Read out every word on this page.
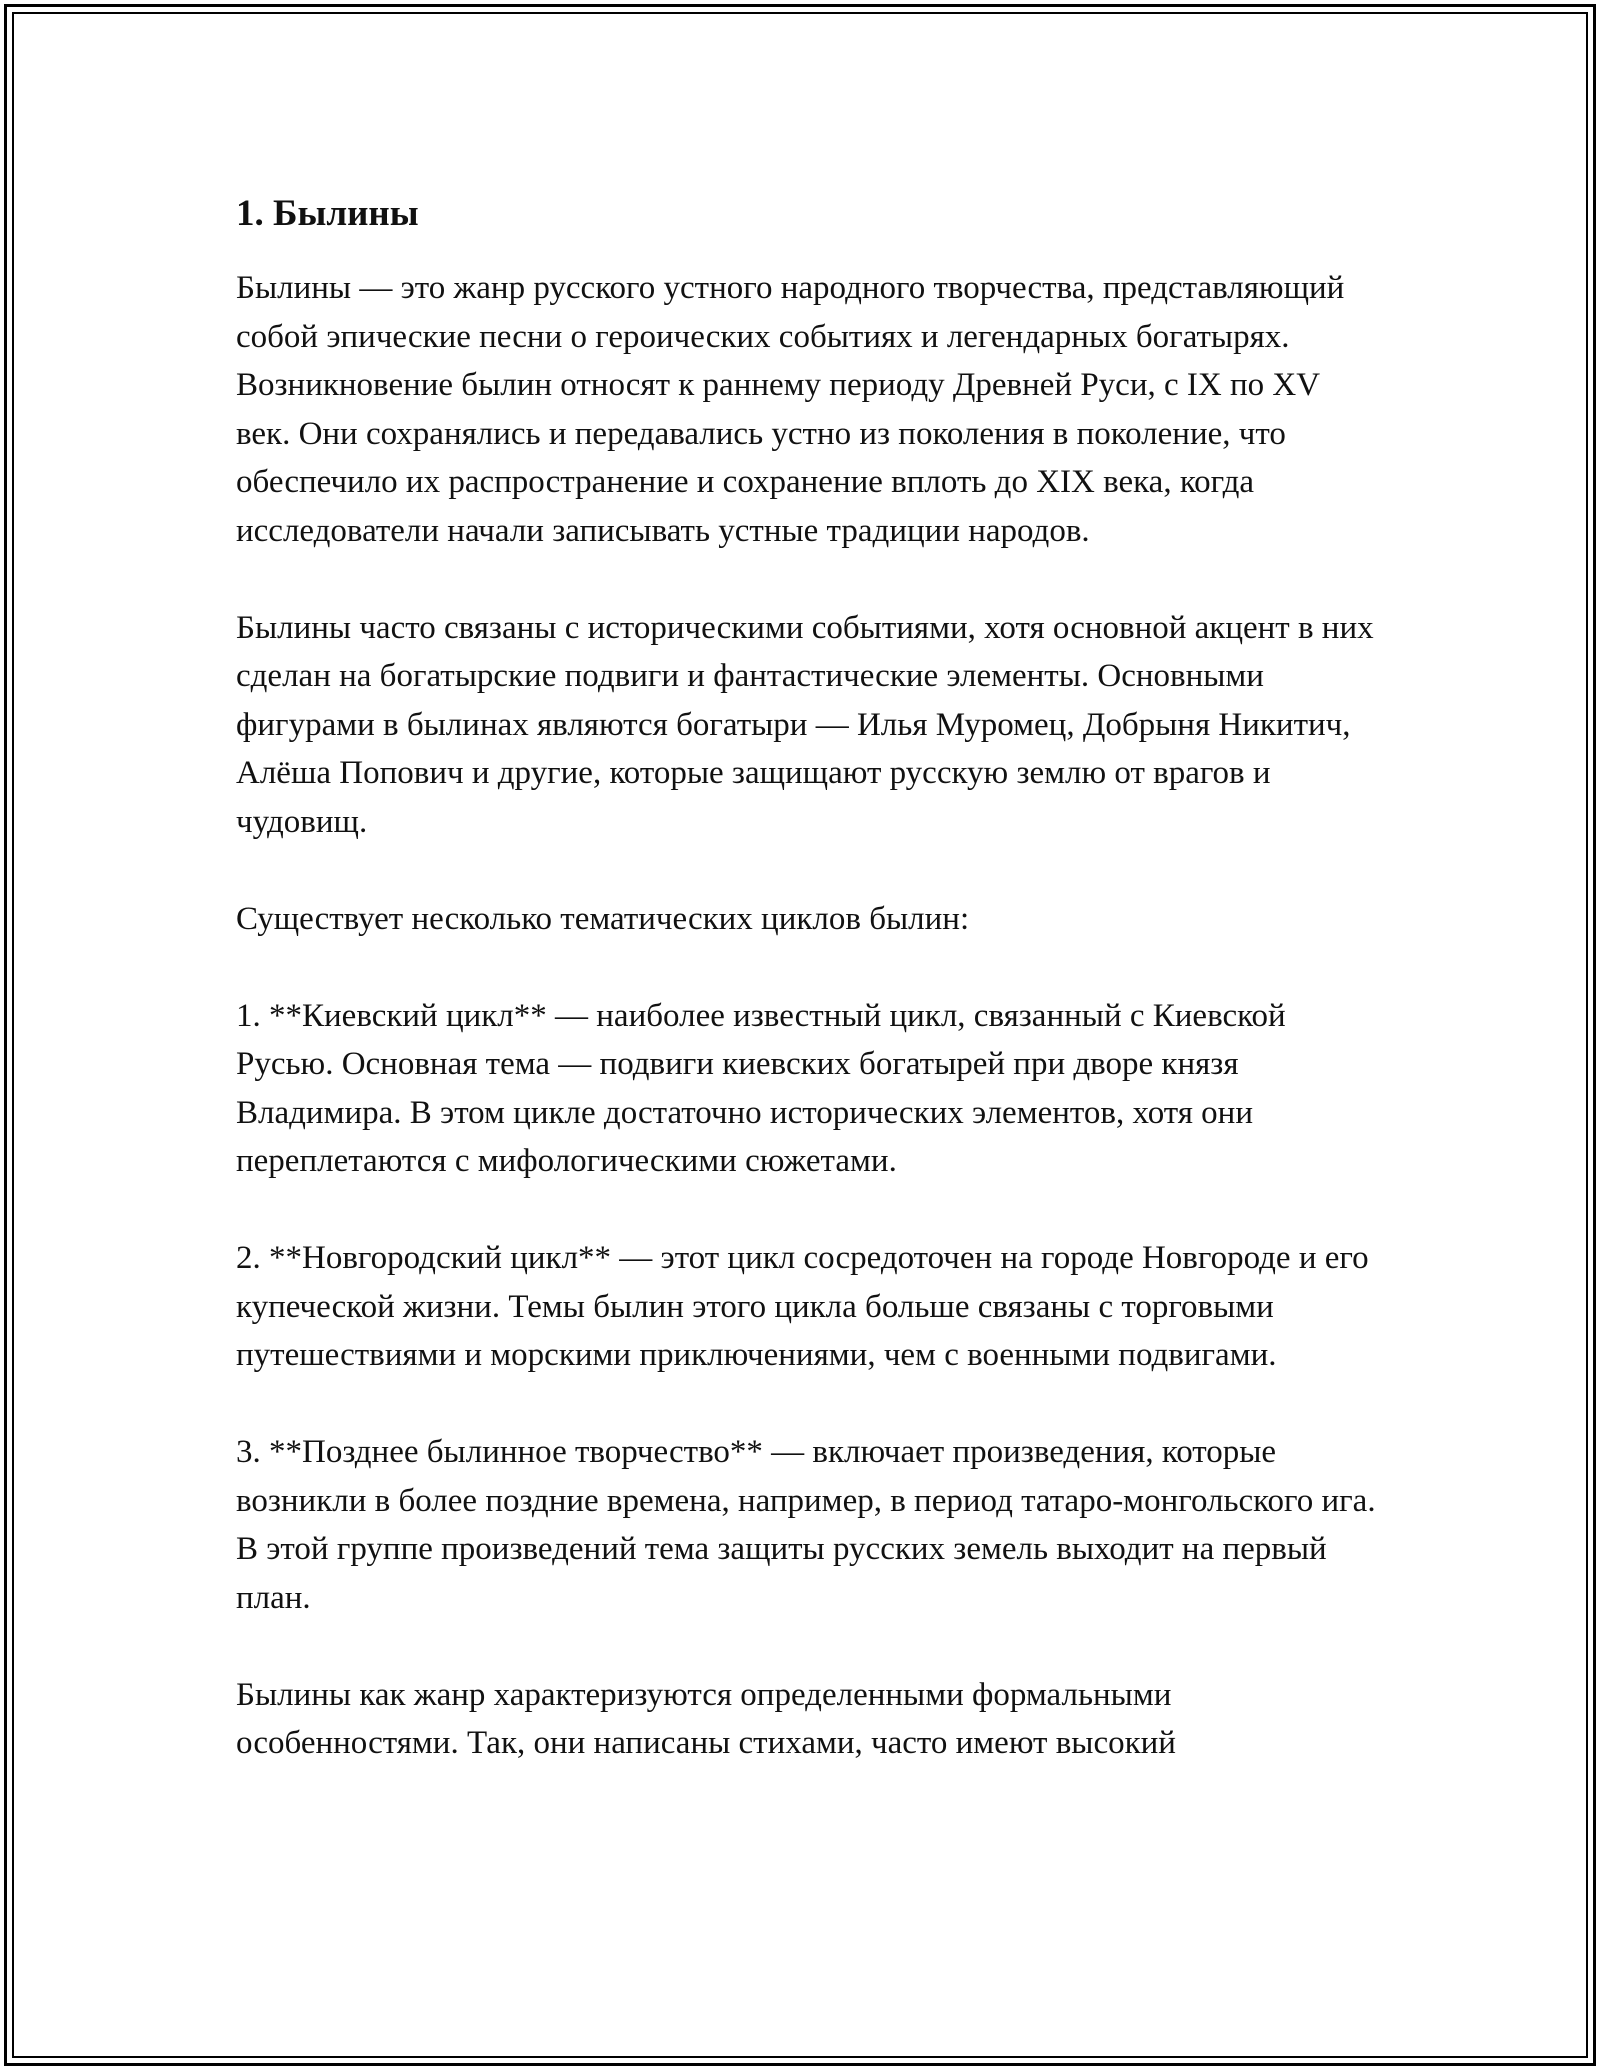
1. Былины

Былины — это жанр русского устного народного творчества, представляющий собой эпические песни о героических событиях и легендарных богатырях. Возникновение былин относят к раннему периоду Древней Руси, с IX по XV век. Они сохранялись и передавались устно из поколения в поколение, что обеспечило их распространение и сохранение вплоть до XIX века, когда исследователи начали записывать устные традиции народов.

Былины часто связаны с историческими событиями, хотя основной акцент в них сделан на богатырские подвиги и фантастические элементы. Основными фигурами в былинах являются богатыри — Илья Муромец, Добрыня Никитич, Алёша Попович и другие, которые защищают русскую землю от врагов и чудовищ.

Существует несколько тематических циклов былин:

1. **Киевский цикл** — наиболее известный цикл, связанный с Киевской Русью. Основная тема — подвиги киевских богатырей при дворе князя Владимира. В этом цикле достаточно исторических элементов, хотя они переплетаются с мифологическими сюжетами.

2. **Новгородский цикл** — этот цикл сосредоточен на городе Новгороде и его купеческой жизни. Темы былин этого цикла больше связаны с торговыми путешествиями и морскими приключениями, чем с военными подвигами.

3. **Позднее былинное творчество** — включает произведения, которые возникли в более поздние времена, например, в период татаро-монгольского ига. В этой группе произведений тема защиты русских земель выходит на первый план.

Былины как жанр характеризуются определенными формальными особенностями. Так, они написаны стихами, часто имеют высокий
